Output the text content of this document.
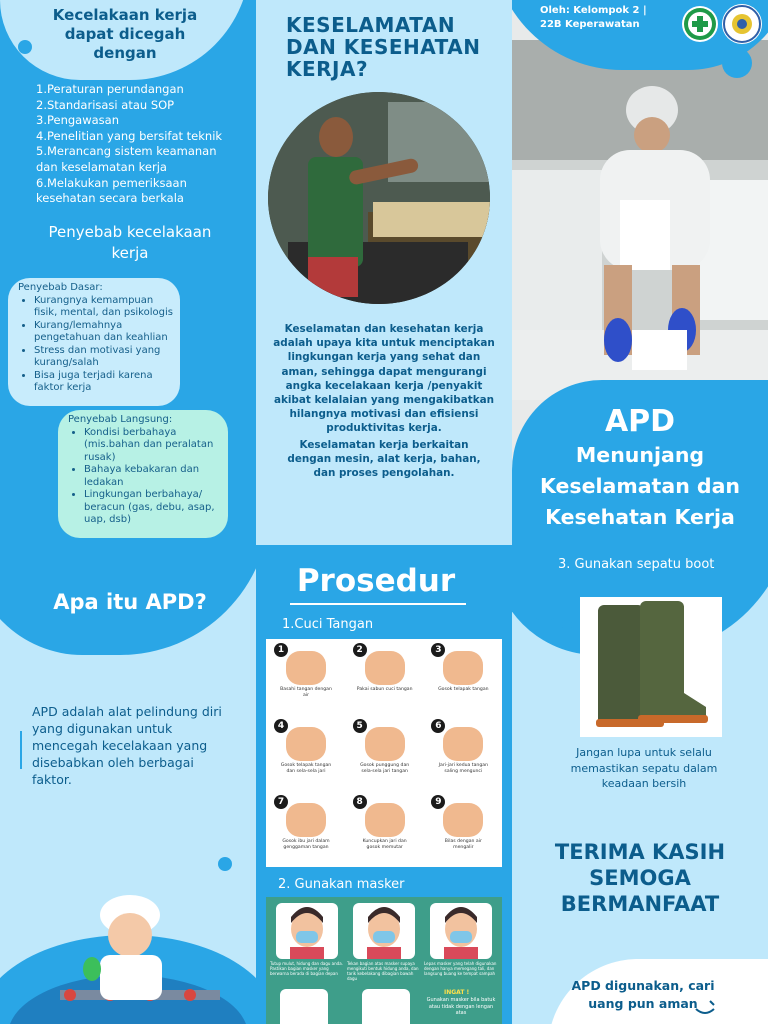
Kecelakaan kerja dapat dicegah dengan
1.Peraturan perundangan
2.Standarisasi atau SOP
3.Pengawasan
4.Penelitian yang bersifat teknik
5.Merancang sistem keamanan dan keselamatan kerja
6.Melakukan pemeriksaan kesehatan secara berkala
Penyebab kecelakaan kerja
Penyebab Dasar:
• Kurangnya kemampuan fisik, mental, dan psikologis
• Kurang/lemahnya pengetahuan dan keahlian
• Stress dan motivasi yang kurang/salah
• Bisa juga terjadi karena faktor kerja
Penyebab Langsung:
• Kondisi berbahaya (mis.bahan dan peralatan rusak)
• Bahaya kebakaran dan ledakan
• Lingkungan berbahaya/ beracun (gas, debu, asap, uap, dsb)
KESELAMATAN DAN KESEHATAN KERJA?

Keselamatan dan kesehatan kerja adalah upaya kita untuk menciptakan lingkungan kerja yang sehat dan aman, sehingga dapat mengurangi angka kecelakaan kerja /penyakit akibat kelalaian yang mengakibatkan hilangnya motivasi dan efisiensi produktivitas kerja.

Keselamatan kerja berkaitan dengan mesin, alat kerja, bahan, dan proses pengolahan.

Oleh: Kelompok 2 | 22B Keperawatan
APD
Menunjang Keselamatan dan Kesehatan Kerja
Apa itu APD?

APD adalah alat pelindung diri yang digunakan untuk mencegah kecelakaan yang disebabkan oleh berbagai faktor.

Prosedur
1.Cuci Tangan
1
Basahi tangan dengan air
2
Pakai sabun cuci tangan
3
Gosok telapak tangan
4
Gosok telapak tangan dan sela-sela jari
5
Gosok punggung dan sela-sela jari tangan
6
Jari-jari kedua tangan saling mengunci
7
Gosok ibu jari dalam genggaman tangan
8
Kuncupkan jari dan gosok memutar
9
Bilas dengan air mengalir
2. Gunakan masker
Tutup mulut, hidung dan dagu anda. Pastikan bagian masker yang berwarna berada di bagian depan
Tekan bagian atas masker supaya mengikuti bentuk hidung anda, dan tarik kebelakang dibagian bawah dagu
Lepas masker yang telah digunakan dengan hanya memegang tali, dan langsung buang ke tempat sampah
INGAT !
Gunakan masker bila batuk atau tidak dengan lengan atas
3. Gunakan sepatu boot

Jangan lupa untuk selalu memastikan sepatu dalam keadaan bersih

TERIMA KASIH SEMOGA BERMANFAAT

APD digunakan, cari uang pun aman
